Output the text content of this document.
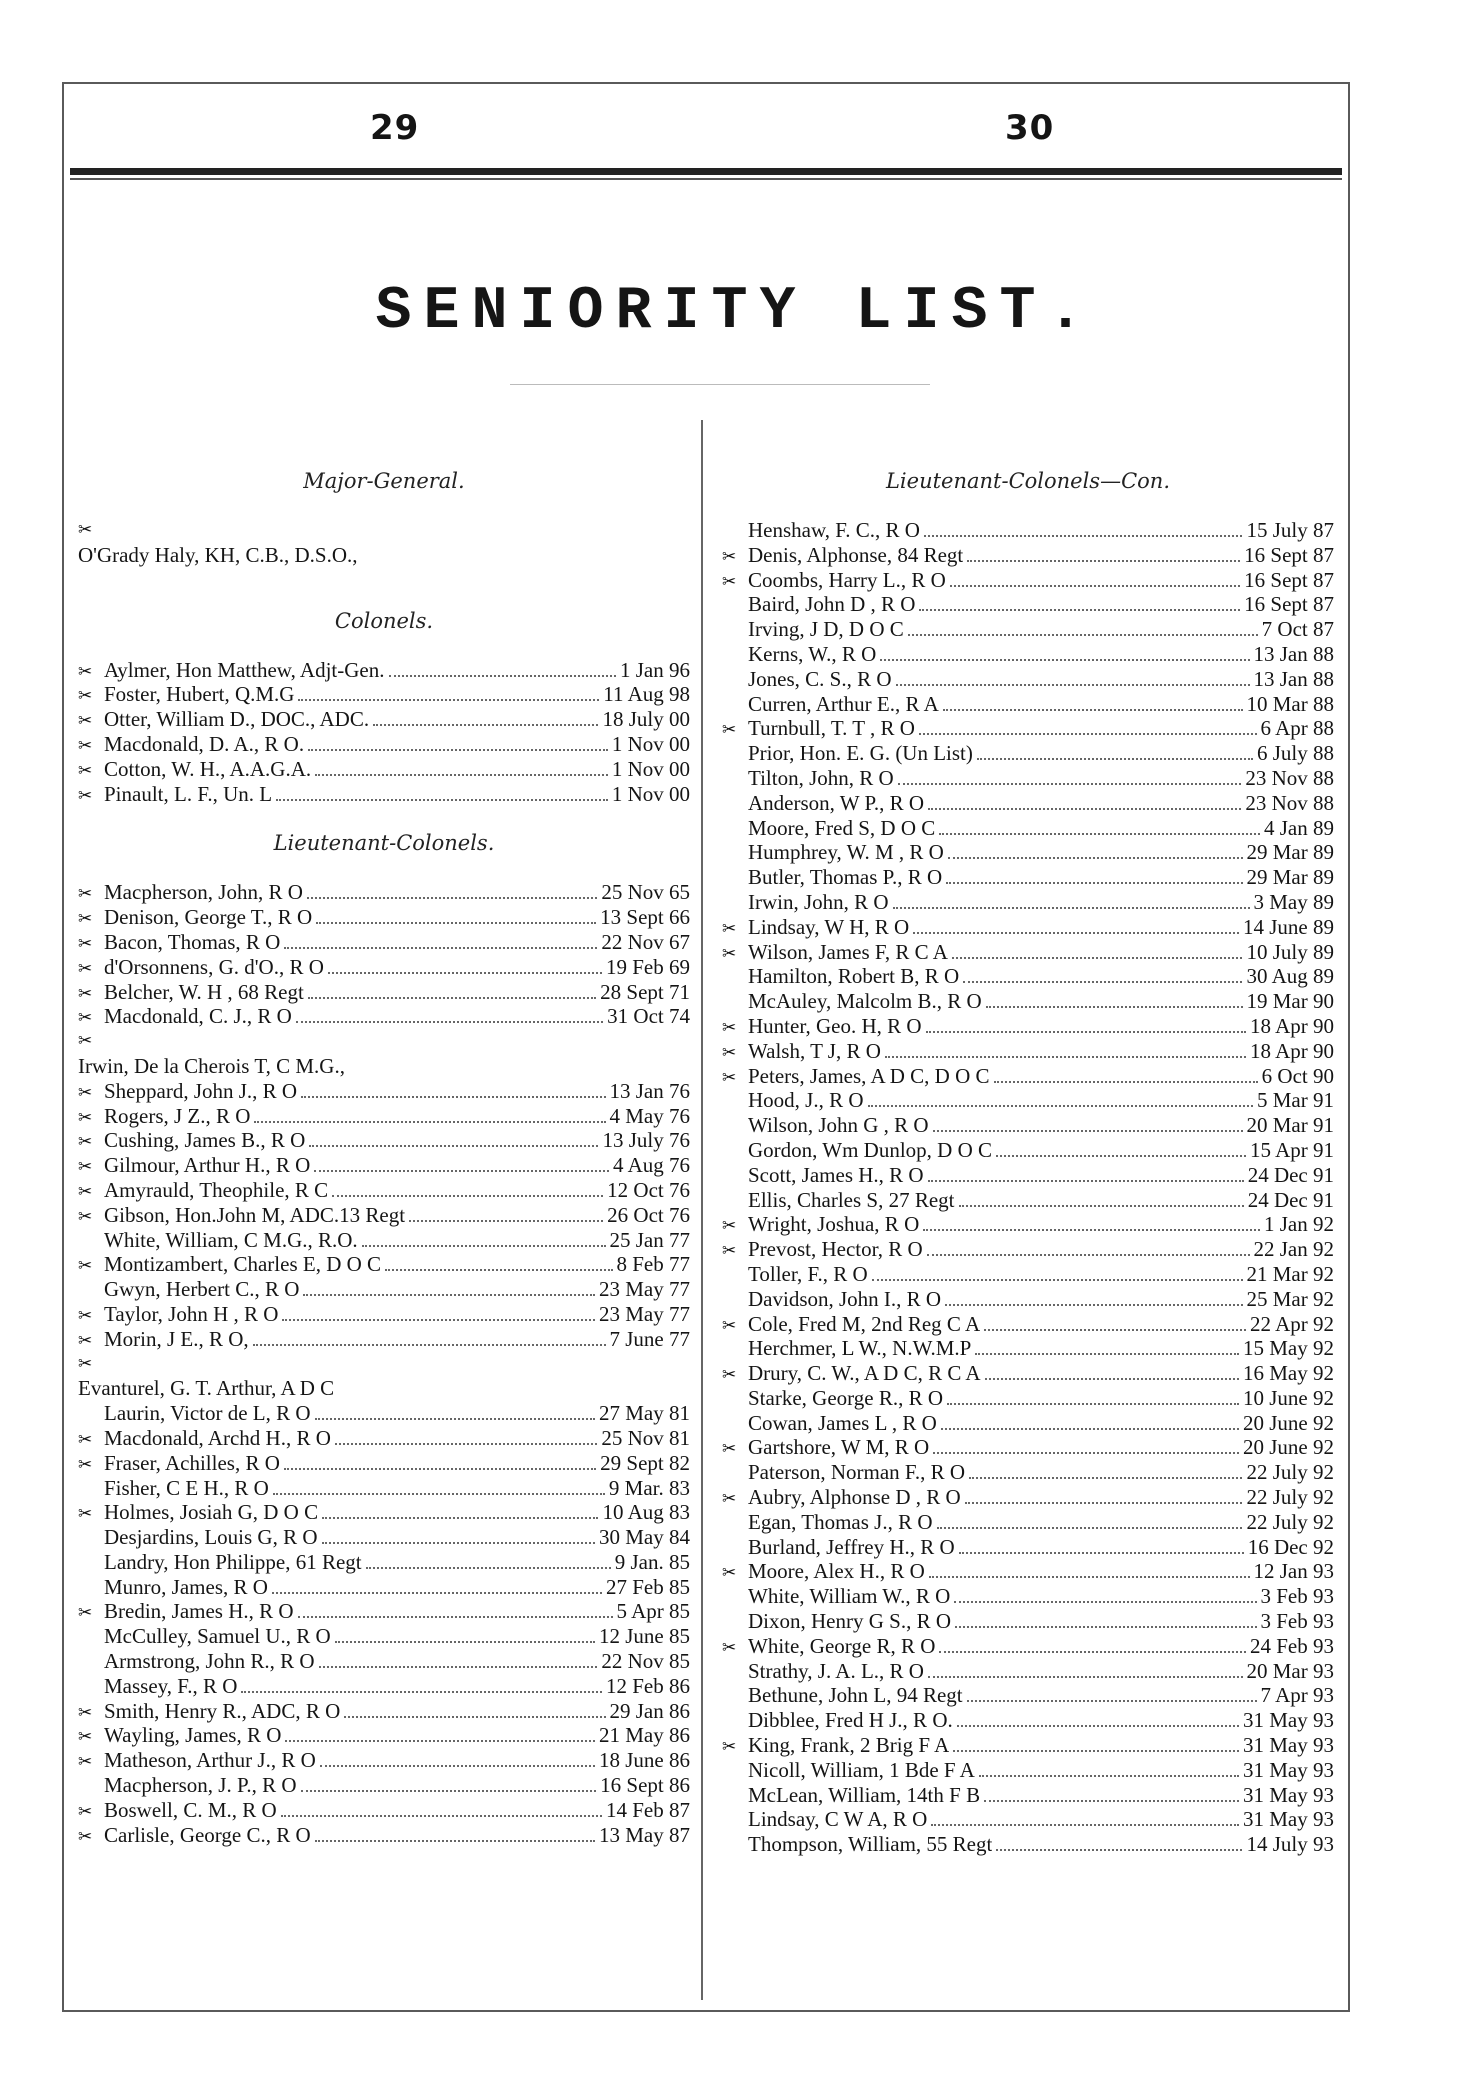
29	30
SENIORITY LIST.
Major-General.
✂
O'Grady Haly, KH, C.B., D.S.O.,
Colonels.
✂ Aylmer, Hon Matthew, Adjt-Gen.	1 Jan 96
✂ Foster, Hubert, Q.M.G	11 Aug 98
✂ Otter, William D., DOC., ADC.	18 July 00
✂ Macdonald, D. A., R O.	1 Nov 00
✂ Cotton, W. H., A.A.G.A.	1 Nov 00
✂ Pinault, L. F., Un. L	1 Nov 00
Lieutenant-Colonels.
✂ Macpherson, John, R O	25 Nov 65
✂ Denison, George T., R O	13 Sept 66
✂ Bacon, Thomas, R O	22 Nov 67
✂ d'Orsonnens, G. d'O., R O	19 Feb 69
✂ Belcher, W. H , 68 Regt	28 Sept 71
✂ Macdonald, C. J., R O	31 Oct 74
✂
Irwin, De la Cherois T, C M.G.,
✂ Sheppard, John J., R O	13 Jan 76
✂ Rogers, J Z., R O	4 May 76
✂ Cushing, James B., R O	13 July 76
✂ Gilmour, Arthur H., R O	4 Aug 76
✂ Amyrauld, Theophile, R C	12 Oct 76
✂ Gibson, Hon.John M, ADC.13 Regt	26 Oct 76
White, William, C M.G., R.O.	25 Jan 77
✂ Montizambert, Charles E, D O C	8 Feb 77
Gwyn, Herbert C., R O	23 May 77
✂ Taylor, John H , R O	23 May 77
✂ Morin, J E., R O,	7 June 77
✂
Evanturel, G. T. Arthur, A D C
Laurin, Victor de L, R O	27 May 81
✂ Macdonald, Archd H., R O	25 Nov 81
✂ Fraser, Achilles, R O	29 Sept 82
Fisher, C E H., R O	9 Mar. 83
✂ Holmes, Josiah G, D O C	10 Aug 83
Desjardins, Louis G, R O	30 May 84
Landry, Hon Philippe, 61 Regt	9 Jan. 85
Munro, James, R O	27 Feb 85
✂ Bredin, James H., R O	5 Apr 85
McCulley, Samuel U., R O	12 June 85
Armstrong, John R., R O	22 Nov 85
Massey, F., R O	12 Feb 86
✂ Smith, Henry R., ADC, R O	29 Jan 86
✂ Wayling, James, R O	21 May 86
✂ Matheson, Arthur J., R O	18 June 86
Macpherson, J. P., R O	16 Sept 86
✂ Boswell, C. M., R O	14 Feb 87
✂ Carlisle, George C., R O	13 May 87
Lieutenant-Colonels—Con.
Henshaw, F. C., R O	15 July 87
✂ Denis, Alphonse, 84 Regt	16 Sept 87
✂ Coombs, Harry L., R O	16 Sept 87
Baird, John D , R O	16 Sept 87
Irving, J D, D O C	7 Oct 87
Kerns, W., R O	13 Jan 88
Jones, C. S., R O	13 Jan 88
Curren, Arthur E., R A	10 Mar 88
✂ Turnbull, T. T , R O	6 Apr 88
Prior, Hon. E. G. (Un List)	6 July 88
Tilton, John, R O	23 Nov 88
Anderson, W P., R O	23 Nov 88
Moore, Fred S, D O C	4 Jan 89
Humphrey, W. M , R O	29 Mar 89
Butler, Thomas P., R O	29 Mar 89
Irwin, John, R O	3 May 89
✂ Lindsay, W H, R O	14 June 89
✂ Wilson, James F, R C A	10 July 89
Hamilton, Robert B, R O	30 Aug 89
McAuley, Malcolm B., R O	19 Mar 90
✂ Hunter, Geo. H, R O	18 Apr 90
✂ Walsh, T J, R O	18 Apr 90
✂ Peters, James, A D C, D O C	6 Oct 90
Hood, J., R O	5 Mar 91
Wilson, John G , R O	20 Mar 91
Gordon, Wm Dunlop, D O C	15 Apr 91
Scott, James H., R O	24 Dec 91
Ellis, Charles S, 27 Regt	24 Dec 91
✂ Wright, Joshua, R O	1 Jan 92
✂ Prevost, Hector, R O	22 Jan 92
Toller, F., R O	21 Mar 92
Davidson, John I., R O	25 Mar 92
✂ Cole, Fred M, 2nd Reg C A	22 Apr 92
Herchmer, L W., N.W.M.P	15 May 92
✂ Drury, C. W., A D C, R C A	16 May 92
Starke, George R., R O	10 June 92
Cowan, James L , R O	20 June 92
✂ Gartshore, W M, R O	20 June 92
Paterson, Norman F., R O	22 July 92
✂ Aubry, Alphonse D , R O	22 July 92
Egan, Thomas J., R O	22 July 92
Burland, Jeffrey H., R O	16 Dec 92
✂ Moore, Alex H., R O	12 Jan 93
White, William W., R O	3 Feb 93
Dixon, Henry G S., R O	3 Feb 93
✂ White, George R, R O	24 Feb 93
Strathy, J. A. L., R O	20 Mar 93
Bethune, John L, 94 Regt	7 Apr 93
Dibblee, Fred H J., R O.	31 May 93
✂ King, Frank, 2 Brig F A	31 May 93
Nicoll, William, 1 Bde F A	31 May 93
McLean, William, 14th F B	31 May 93
Lindsay, C W A, R O	31 May 93
Thompson, William, 55 Regt	14 July 93
